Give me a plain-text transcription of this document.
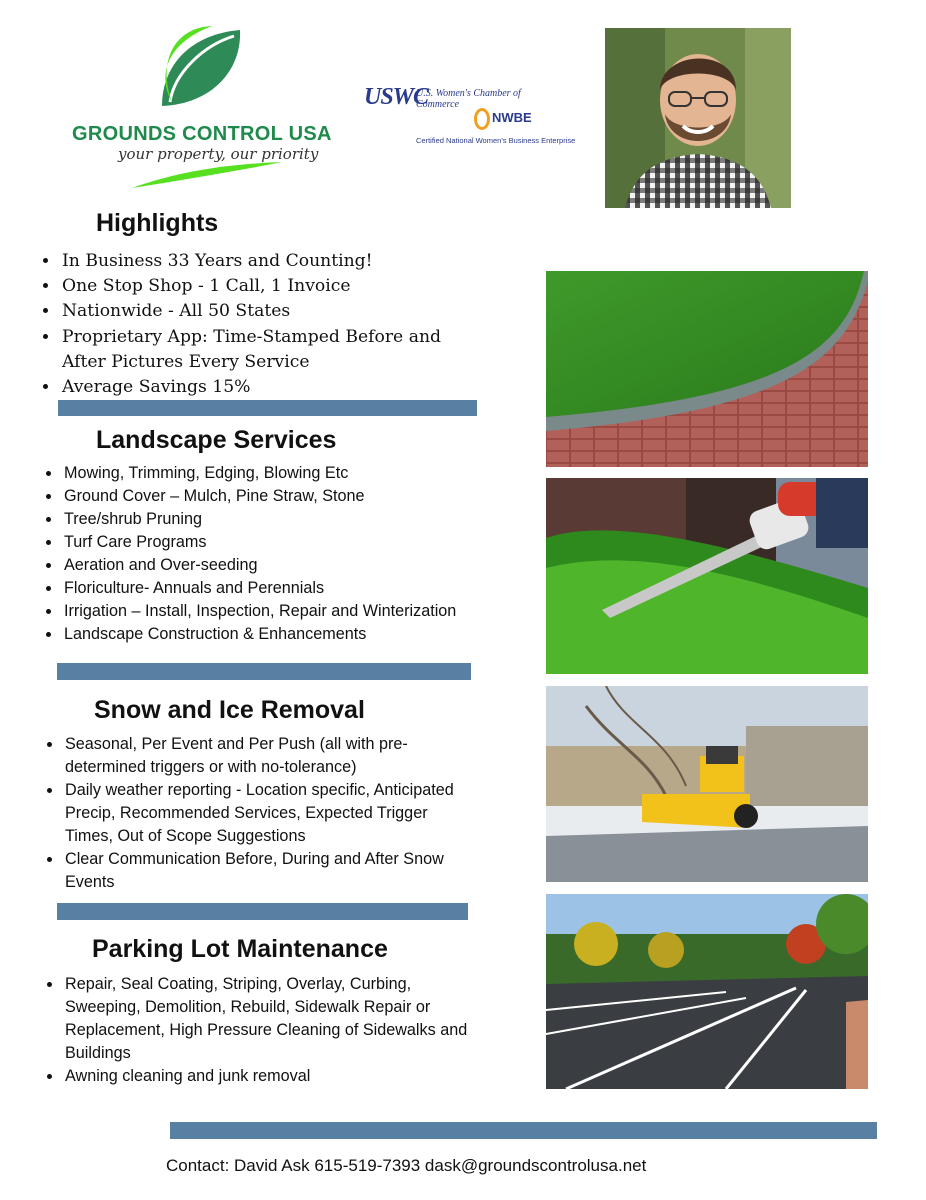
GROUNDS CONTROL USA
your property, our priority
USWC
U.S. Women's Chamber of Commerce
NWBE
Certified National Women's Business Enterprise
Highlights
• In Business 33 Years and Counting!
• One Stop Shop - 1 Call, 1 Invoice
• Nationwide - All 50 States
• Proprietary App: Time-Stamped Before and After Pictures Every Service
• Average Savings 15%
Landscape Services
• Mowing, Trimming, Edging, Blowing Etc
• Ground Cover – Mulch, Pine Straw, Stone
• Tree/shrub Pruning
• Turf Care Programs
• Aeration and Over-seeding
• Floriculture- Annuals and Perennials
• Irrigation – Install, Inspection, Repair and Winterization
• Landscape Construction & Enhancements
Snow and Ice Removal
• Seasonal, Per Event and Per Push (all with pre-determined triggers or with no-tolerance)
• Daily weather reporting - Location specific, Anticipated Precip, Recommended Services, Expected Trigger Times, Out of Scope Suggestions
• Clear Communication Before, During and After Snow Events
Parking Lot Maintenance
• Repair, Seal Coating, Striping, Overlay, Curbing, Sweeping, Demolition, Rebuild, Sidewalk Repair or Replacement, High Pressure Cleaning of Sidewalks and Buildings
• Awning cleaning and junk removal
Contact: David Ask 615-519-7393 dask@groundscontrolusa.net
